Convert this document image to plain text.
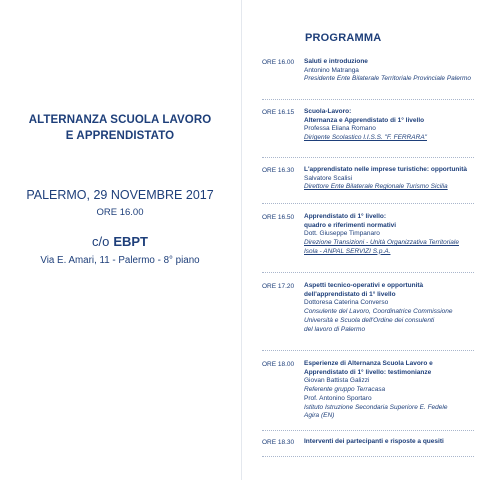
ALTERNANZA SCUOLA LAVORO
E APPRENDISTATO
PALERMO, 29 NOVEMBRE 2017
ORE 16.00
c/o EBPT
Via E. Amari, 11 - Palermo - 8° piano
PROGRAMMA
ORE 16.00 Saluti e introduzione
Antonino Matranga
Presidente Ente Bilaterale Territoriale Provinciale Palermo
ORE 16.15 Scuola-Lavoro:
Alternanza e Apprendistato di 1° livello
Professa Eliana Romano
Dirigente Scolastico I.I.S.S. "F. FERRARA"
ORE 16.30 L'apprendistato nelle imprese turistiche: opportunità
Salvatore Scalisi
Direttore Ente Bilaterale Regionale Turismo Sicilia
ORE 16.50 Apprendistato di 1° livello:
quadro e riferimenti normativi
Dott. Giuseppe Timpanaro
Direzione Transizioni - Unità Organizzativa Territoriale
Isola - ANPAL SERVIZI S.p.A.
ORE 17.20 Aspetti tecnico-operativi e opportunità
dell'apprendistato di 1° livello
Dottoresa Caterina Converso
Consulente del Lavoro, Coordinatrice Commissione
Università e Scuola dell'Ordine dei consulenti
del lavoro di Palermo
ORE 18.00 Esperienze di Alternanza Scuola Lavoro e
Apprendistato di 1° livello: testimonianze
Giovan Battista Galizzi
Referente gruppo Terracasa
Prof. Antonino Sportaro
Istituto Istruzione Secondaria Superiore E. Fedele
Agira (EN)
ORE 18.30 Interventi dei partecipanti e risposte a quesiti
